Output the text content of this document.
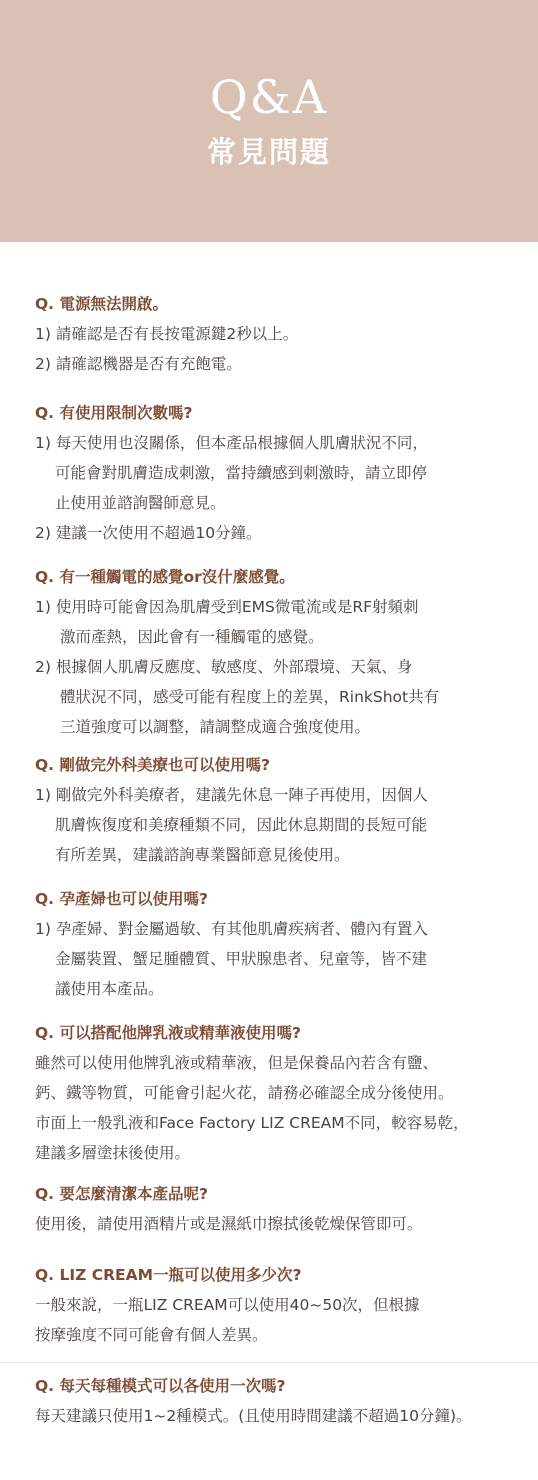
Q&A
常見問題
Q. 電源無法開啟。
1) 請確認是否有長按電源鍵2秒以上。
2) 請確認機器是否有充飽電。
Q. 有使用限制次數嗎?
1) 每天使用也沒關係，但本產品根據個人肌膚狀況不同，
可能會對肌膚造成刺激，當持續感到刺激時，請立即停
止使用並諮詢醫師意見。
2) 建議一次使用不超過10分鐘。
Q. 有一種觸電的感覺or沒什麼感覺。
1) 使用時可能會因為肌膚受到EMS微電流或是RF射頻刺
激而產熱，因此會有一種觸電的感覺。
2) 根據個人肌膚反應度、敏感度、外部環境、天氣、身
體狀況不同，感受可能有程度上的差異，RinkShot共有
三道強度可以調整，請調整成適合強度使用。
Q. 剛做完外科美療也可以使用嗎?
1) 剛做完外科美療者，建議先休息一陣子再使用，因個人
肌膚恢復度和美療種類不同，因此休息期間的長短可能
有所差異，建議諮詢專業醫師意見後使用。
Q. 孕產婦也可以使用嗎?
1) 孕產婦、對金屬過敏、有其他肌膚疾病者、體內有置入
金屬裝置、蟹足腫體質、甲狀腺患者、兒童等，皆不建
議使用本產品。
Q. 可以搭配他牌乳液或精華液使用嗎?
雖然可以使用他牌乳液或精華液，但是保養品內若含有鹽、
鈣、鐵等物質，可能會引起火花，請務必確認全成分後使用。
市面上一般乳液和Face Factory LIZ CREAM不同，較容易乾，
建議多層塗抹後使用。
Q. 要怎麼清潔本產品呢?
使用後，請使用酒精片或是濕紙巾擦拭後乾燥保管即可。
Q. LIZ CREAM一瓶可以使用多少次?
一般來說，一瓶LIZ CREAM可以使用40~50次，但根據
按摩強度不同可能會有個人差異。
Q. 每天每種模式可以各使用一次嗎?
每天建議只使用1~2種模式。(且使用時間建議不超過10分鐘)。
